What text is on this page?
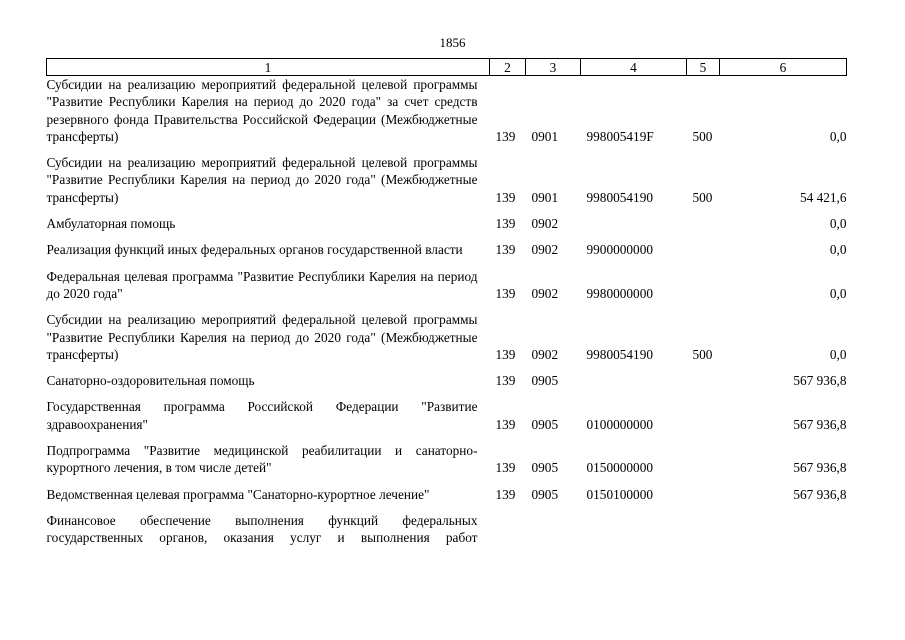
1856
1	2	3	4	5	6
Субсидии на реализацию мероприятий федеральной целевой программы "Развитие Республики Карелия на период до 2020 года" за счет средств резервного фонда Правительства Российской Федерации (Межбюджетные трансферты)	139	0901	998005419F	500	0,0
Субсидии на реализацию мероприятий федеральной целевой программы "Развитие Республики Карелия на период до 2020 года" (Межбюджетные трансферты)	139	0901	9980054190	500	54 421,6
Амбулаторная помощь	139	0902			0,0
Реализация функций иных федеральных органов государственной власти	139	0902	9900000000		0,0
Федеральная целевая программа "Развитие Республики Карелия на период до 2020 года"	139	0902	9980000000		0,0
Субсидии на реализацию мероприятий федеральной целевой программы "Развитие Республики Карелия на период до 2020 года" (Межбюджетные трансферты)	139	0902	9980054190	500	0,0
Санаторно-оздоровительная помощь	139	0905			567 936,8
Государственная программа Российской Федерации "Развитие здравоохранения"	139	0905	0100000000		567 936,8
Подпрограмма "Развитие медицинской реабилитации и санаторно-курортного лечения, в том числе детей"	139	0905	0150000000		567 936,8
Ведомственная целевая программа "Санаторно-курортное лечение"	139	0905	0150100000		567 936,8
Финансовое обеспечение выполнения функций федеральных государственных органов, оказания услуг и выполнения работ					
